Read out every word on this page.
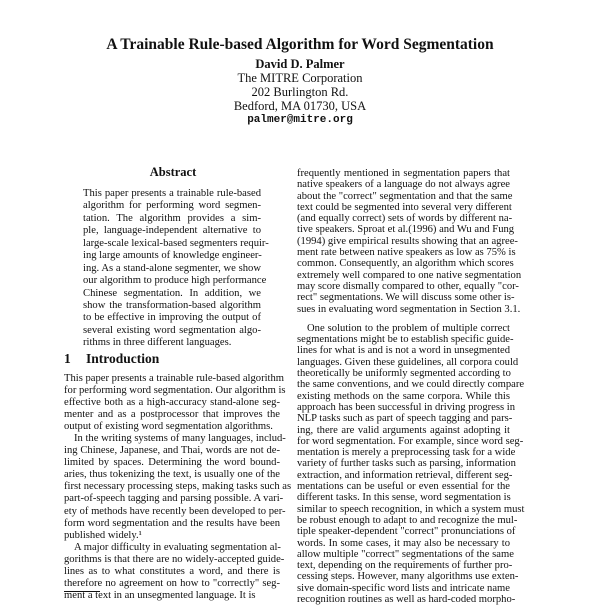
A Trainable Rule-based Algorithm for Word Segmentation
David D. Palmer
The MITRE Corporation
202 Burlington Rd.
Bedford, MA 01730, USA
palmer@mitre.org
Abstract
This paper presents a trainable rule-based
algorithm for performing word segmen-
tation. The algorithm provides a sim-
ple, language-independent alternative to
large-scale lexical-based segmenters requir-
ing large amounts of knowledge engineer-
ing. As a stand-alone segmenter, we show
our algorithm to produce high performance
Chinese segmentation. In addition, we
show the transformation-based algorithm
to be effective in improving the output of
several existing word segmentation algo-
rithms in three different languages.
1 Introduction
This paper presents a trainable rule-based algorithm
for performing word segmentation. Our algorithm is
effective both as a high-accuracy stand-alone seg-
menter and as a postprocessor that improves the
output of existing word segmentation algorithms.
In the writing systems of many languages, includ-
ing Chinese, Japanese, and Thai, words are not de-
limited by spaces. Determining the word bound-
aries, thus tokenizing the text, is usually one of the
first necessary processing steps, making tasks such as
part-of-speech tagging and parsing possible. A vari-
ety of methods have recently been developed to per-
form word segmentation and the results have been
published widely.¹
A major difficulty in evaluating segmentation al-
gorithms is that there are no widely-accepted guide-
lines as to what constitutes a word, and there is
therefore no agreement on how to "correctly" seg-
ment a text in an unsegmented language. It is
frequently mentioned in segmentation papers that
native speakers of a language do not always agree
about the "correct" segmentation and that the same
text could be segmented into several very different
(and equally correct) sets of words by different na-
tive speakers. Sproat et al.(1996) and Wu and Fung
(1994) give empirical results showing that an agree-
ment rate between native speakers as low as 75% is
common. Consequently, an algorithm which scores
extremely well compared to one native segmentation
may score dismally compared to other, equally "cor-
rect" segmentations. We will discuss some other is-
sues in evaluating word segmentation in Section 3.1.
One solution to the problem of multiple correct
segmentations might be to establish specific guide-
lines for what is and is not a word in unsegmented
languages. Given these guidelines, all corpora could
theoretically be uniformly segmented according to
the same conventions, and we could directly compare
existing methods on the same corpora. While this
approach has been successful in driving progress in
NLP tasks such as part of speech tagging and pars-
ing, there are valid arguments against adopting it
for word segmentation. For example, since word seg-
mentation is merely a preprocessing task for a wide
variety of further tasks such as parsing, information
extraction, and information retrieval, different seg-
mentations can be useful or even essential for the
different tasks. In this sense, word segmentation is
similar to speech recognition, in which a system must
be robust enough to adapt to and recognize the mul-
tiple speaker-dependent "correct" pronunciations of
words. In some cases, it may also be necessary to
allow multiple "correct" segmentations of the same
text, depending on the requirements of further pro-
cessing steps. However, many algorithms use exten-
sive domain-specific word lists and intricate name
recognition routines as well as hard-coded morpho-
